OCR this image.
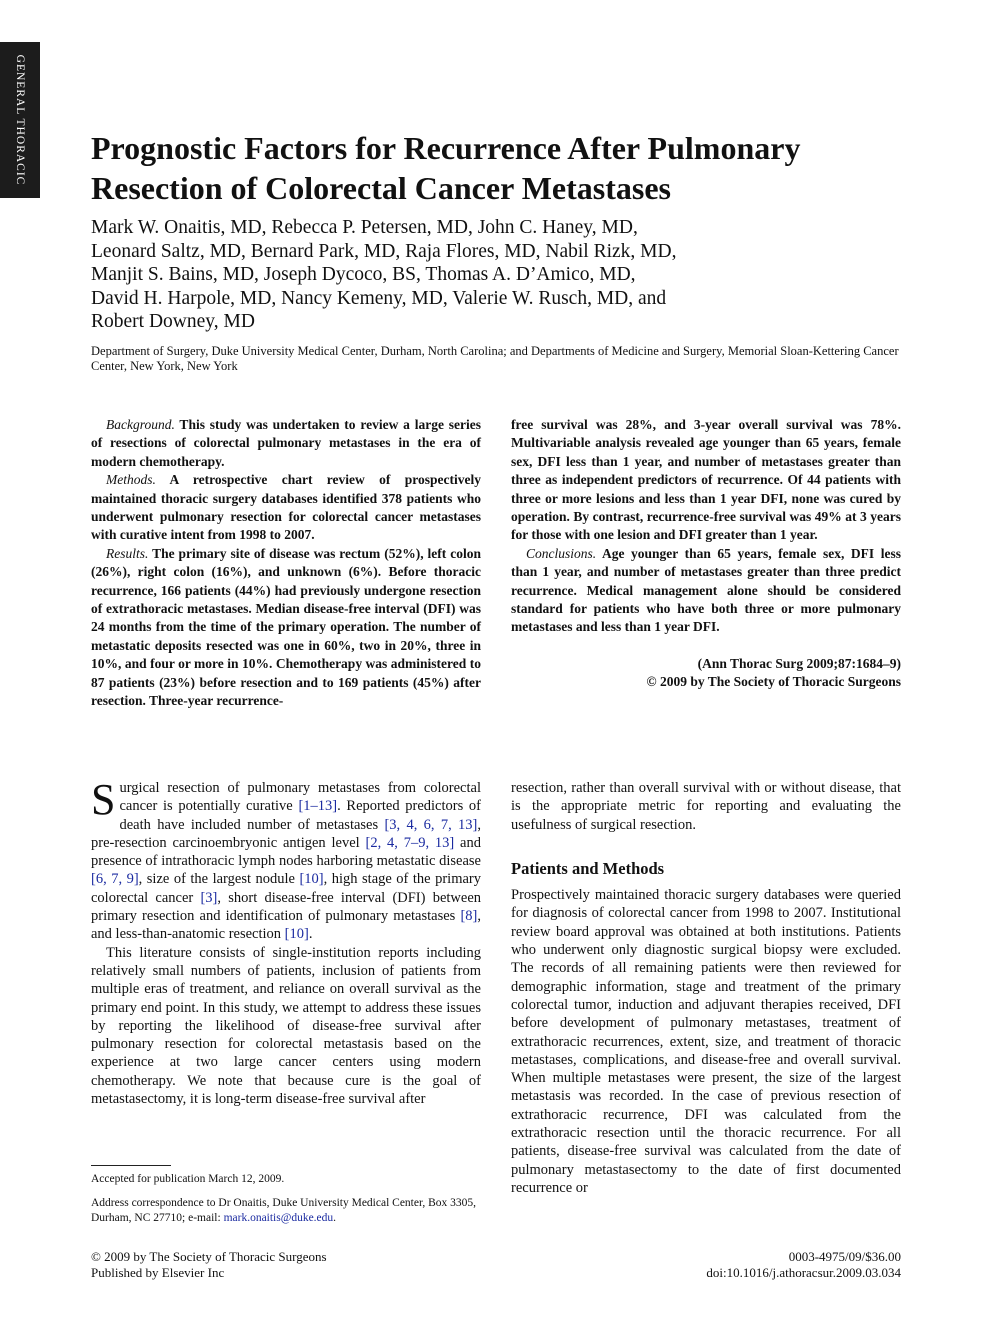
GENERAL THORACIC Prognostic Factors for Recurrence After Pulmonary
Resection of Colorectal Cancer Metastases
Mark W. Onaitis, MD, Rebecca P. Petersen, MD, John C. Haney, MD,
Leonard Saltz, MD, Bernard Park, MD, Raja Flores, MD, Nabil Rizk, MD,
Manjit S. Bains, MD, Joseph Dycoco, BS, Thomas A. D’Amico, MD,
David H. Harpole, MD, Nancy Kemeny, MD, Valerie W. Rusch, MD, and
Robert Downey, MD
Department of Surgery, Duke University Medical Center, Durham, North Carolina; and Departments of Medicine and Surgery, Memorial Sloan-Kettering Cancer Center, New York, New York

Background. This study was undertaken to review a large series of resections of colorectal pulmonary metastases in the era of modern chemotherapy.

Methods. A retrospective chart review of prospectively maintained thoracic surgery databases identified 378 patients who underwent pulmonary resection for colorectal cancer metastases with curative intent from 1998 to 2007.

Results. The primary site of disease was rectum (52%), left colon (26%), right colon (16%), and unknown (6%). Before thoracic recurrence, 166 patients (44%) had previously undergone resection of extrathoracic metastases. Median disease-free interval (DFI) was 24 months from the time of the primary operation. The number of metastatic deposits resected was one in 60%, two in 20%, three in 10%, and four or more in 10%. Chemotherapy was administered to 87 patients (23%) before resection and to 169 patients (45%) after resection. Three-year recurrence-

free survival was 28%, and 3-year overall survival was 78%. Multivariable analysis revealed age younger than 65 years, female sex, DFI less than 1 year, and number of metastases greater than three as independent predictors of recurrence. Of 44 patients with three or more lesions and less than 1 year DFI, none was cured by operation. By contrast, recurrence-free survival was 49% at 3 years for those with one lesion and DFI greater than 1 year.

Conclusions. Age younger than 65 years, female sex, DFI less than 1 year, and number of metastases greater than three predict recurrence. Medical management alone should be considered standard for patients who have both three or more pulmonary metastases and less than 1 year DFI.

(Ann Thorac Surg 2009;87:1684–9)

© 2009 by The Society of Thoracic Surgeons

Surgical resection of pulmonary metastases from colorectal cancer is potentially curative [1–13]. Reported predictors of death have included number of metastases [3, 4, 6, 7, 13], pre-resection carcinoembryonic antigen level [2, 4, 7–9, 13] and presence of intrathoracic lymph nodes harboring metastatic disease [6, 7, 9], size of the largest nodule [10], high stage of the primary colorectal cancer [3], short disease-free interval (DFI) between primary resection and identification of pulmonary metastases [8], and less-than-anatomic resection [10].

This literature consists of single-institution reports including relatively small numbers of patients, inclusion of patients from multiple eras of treatment, and reliance on overall survival as the primary end point. In this study, we attempt to address these issues by reporting the likelihood of disease-free survival after pulmonary resection for colorectal metastasis based on the experience at two large cancer centers using modern chemotherapy. We note that because cure is the goal of metastasectomy, it is long-term disease-free survival after

resection, rather than overall survival with or without disease, that is the appropriate metric for reporting and evaluating the usefulness of surgical resection.

Patients and Methods

Prospectively maintained thoracic surgery databases were queried for diagnosis of colorectal cancer from 1998 to 2007. Institutional review board approval was obtained at both institutions. Patients who underwent only diagnostic surgical biopsy were excluded. The records of all remaining patients were then reviewed for demographic information, stage and treatment of the primary colorectal tumor, induction and adjuvant therapies received, DFI before development of pulmonary metastases, treatment of extrathoracic recurrences, extent, size, and treatment of thoracic metastases, complications, and disease-free and overall survival. When multiple metastases were present, the size of the largest metastasis was recorded. In the case of previous resection of extrathoracic recurrence, DFI was calculated from the extrathoracic resection until the thoracic recurrence. For all patients, disease-free survival was calculated from the date of pulmonary metastasectomy to the date of first documented recurrence or

Accepted for publication March 12, 2009.
Address correspondence to Dr Onaitis, Duke University Medical Center, Box 3305, Durham, NC 27710; e-mail: mark.onaitis@duke.edu.
© 2009 by The Society of Thoracic Surgeons
Published by Elsevier Inc
0003-4975/09/$36.00
doi:10.1016/j.athoracsur.2009.03.034
